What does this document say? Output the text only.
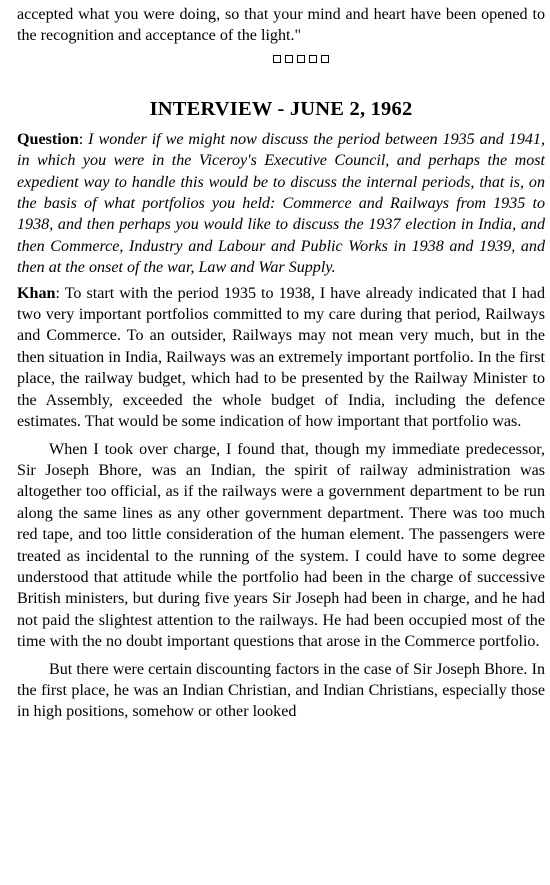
accepted what you were doing, so that your mind and heart have been opened to the recognition and acceptance of the light."

INTERVIEW - JUNE 2, 1962

Question: I wonder if we might now discuss the period between 1935 and 1941, in which you were in the Viceroy's Executive Council, and perhaps the most expedient way to handle this would be to discuss the internal periods, that is, on the basis of what portfolios you held: Commerce and Railways from 1935 to 1938, and then perhaps you would like to discuss the 1937 election in India, and then Commerce, Industry and Labour and Public Works in 1938 and 1939, and then at the onset of the war, Law and War Supply.

Khan: To start with the period 1935 to 1938, I have already indicated that I had two very important portfolios committed to my care during that period, Railways and Commerce. To an outsider, Railways may not mean very much, but in the then situation in India, Railways was an extremely important portfolio. In the first place, the railway budget, which had to be presented by the Railway Minister to the Assembly, exceeded the whole budget of India, including the defence estimates. That would be some indication of how important that portfolio was.

When I took over charge, I found that, though my immediate predecessor, Sir Joseph Bhore, was an Indian, the spirit of railway administration was altogether too official, as if the railways were a government department to be run along the same lines as any other government department. There was too much red tape, and too little consideration of the human element. The passengers were treated as incidental to the running of the system. I could have to some degree understood that attitude while the portfolio had been in the charge of successive British ministers, but during five years Sir Joseph had been in charge, and he had not paid the slightest attention to the railways. He had been occupied most of the time with the no doubt important questions that arose in the Commerce portfolio.

But there were certain discounting factors in the case of Sir Joseph Bhore. In the first place, he was an Indian Christian, and Indian Christians, especially those in high positions, somehow or other looked
